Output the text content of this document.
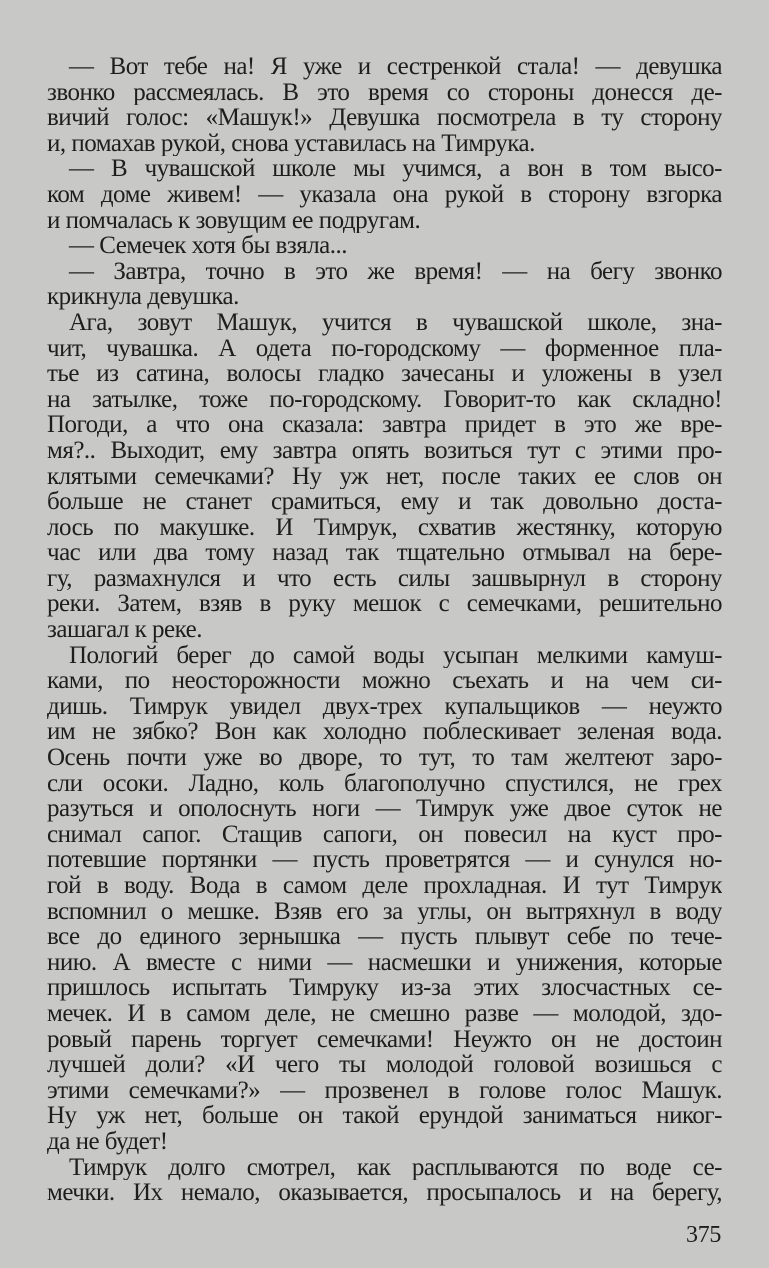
— Вот тебе на! Я уже и сестренкой стала! — девушка
звонко рассмеялась. В это время со стороны донесся де-
вичий голос: «Машук!» Девушка посмотрела в ту сторону
и, помахав рукой, снова уставилась на Тимрука.
— В чувашской школе мы учимся, а вон в том высо-
ком доме живем! — указала она рукой в сторону взгорка
и помчалась к зовущим ее подругам.
— Семечек хотя бы взяла...
— Завтра, точно в это же время! — на бегу звонко
крикнула девушка.
Ага, зовут Машук, учится в чувашской школе, зна-
чит, чувашка. А одета по-городскому — форменное пла-
тье из сатина, волосы гладко зачесаны и уложены в узел
на затылке, тоже по-городскому. Говорит-то как складно!
Погоди, а что она сказала: завтра придет в это же вре-
мя?.. Выходит, ему завтра опять возиться тут с этими про-
клятыми семечками? Ну уж нет, после таких ее слов он
больше не станет срамиться, ему и так довольно доста-
лось по макушке. И Тимрук, схватив жестянку, которую
час или два тому назад так тщательно отмывал на бере-
гу, размахнулся и что есть силы зашвырнул в сторону
реки. Затем, взяв в руку мешок с семечками, решительно
зашагал к реке.
Пологий берег до самой воды усыпан мелкими камуш-
ками, по неосторожности можно съехать и на чем си-
дишь. Тимрук увидел двух-трех купальщиков — неужто
им не зябко? Вон как холодно поблескивает зеленая вода.
Осень почти уже во дворе, то тут, то там желтеют заро-
сли осоки. Ладно, коль благополучно спустился, не грех
разуться и ополоснуть ноги — Тимрук уже двое суток не
снимал сапог. Стащив сапоги, он повесил на куст про-
потевшие портянки — пусть проветрятся — и сунулся но-
гой в воду. Вода в самом деле прохладная. И тут Тимрук
вспомнил о мешке. Взяв его за углы, он вытряхнул в воду
все до единого зернышка — пусть плывут себе по тече-
нию. А вместе с ними — насмешки и унижения, которые
пришлось испытать Тимруку из-за этих злосчастных се-
мечек. И в самом деле, не смешно разве — молодой, здо-
ровый парень торгует семечками! Неужто он не достоин
лучшей доли? «И чего ты молодой головой возишься с
этими семечками?» — прозвенел в голове голос Машук.
Ну уж нет, больше он такой ерундой заниматься никог-
да не будет!
Тимрук долго смотрел, как расплываются по воде се-
мечки. Их немало, оказывается, просыпалось и на берегу,
375
